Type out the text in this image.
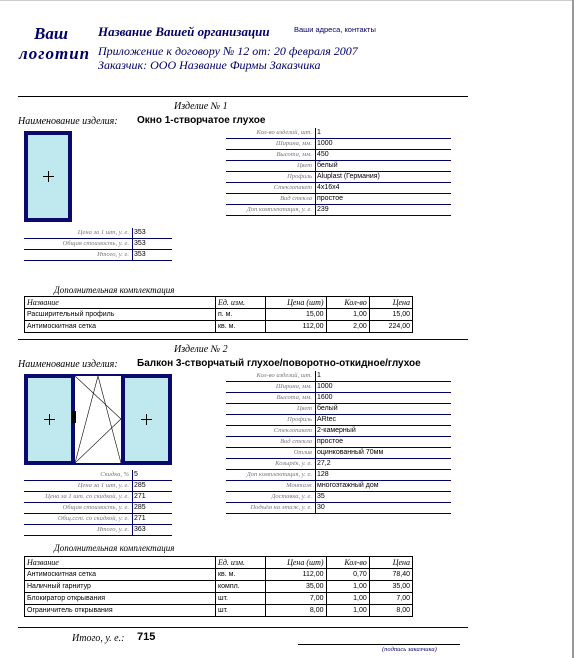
Ваш
логотип
Название Вашей организации	Ваши адреса, контакты
Приложение к договору № 12 от: 20 февраля 2007
Заказчик: ООО Название Фирмы Заказчика
Изделие № 1
Наименование изделия: Окно 1-створчатое глухое
Кол-во изделий, шт. 1
Ширина, мм. 1000
Высота, мм. 450
Цвет белый
Профиль Aluplast (Германия)
Стеклопакет 4х16х4
Вид стекла простое
Доп комплектация, у. е. 239
Цена за 1 шт, у. е. 353
Общая стоимость, у. е. 353
Итого, у. е. 353
Дополнительная комплектация
Название	Ед. изм.	Цена (шт)	Кол-во	Цена
Расширительный профиль	п. м.	15,00	1,00	15,00
Антимоскитная сетка	кв. м.	112,00	2,00	224,00
Изделие № 2
Наименование изделия: Балкон 3-створчатый глухое/поворотно-откидное/глухое
Кол-во изделий, шт. 1
Ширина, мм. 1000
Высота, мм. 1600
Цвет белый
Профиль ARtec
Стеклопакет 2-камерный
Вид стекла простое
Отлив оцинкованный 70мм
Козырёк, у. е. 27,2
Доп комплектация, у. е. 128
Монтаж многоэтажный дом
Доставка, у. е. 35
Подъём на этаж, у. е. 30
Скидка, % 5
Цена за 1 шт, у. е. 285
Цена за 1 шт. со скидкой, у. е. 271
Общая стоимость, у. е. 285
Общ.сст. со скидкой, у. е. 271
Итого, у. е. 363
Дополнительная комплектация
Название	Ед. изм.	Цена (шт)	Кол-во	Цена
Антимоскитная сетка	кв. м.	112,00	0,70	78,40
Наличный гарнитур	компл.	35,00	1,00	35,00
Блокиратор открывания	шт.	7,00	1,00	7,00
Ограничитель открывания	шт.	8,00	1,00	8,00
Итого, у. е.: 715
(подпись заказчика)
